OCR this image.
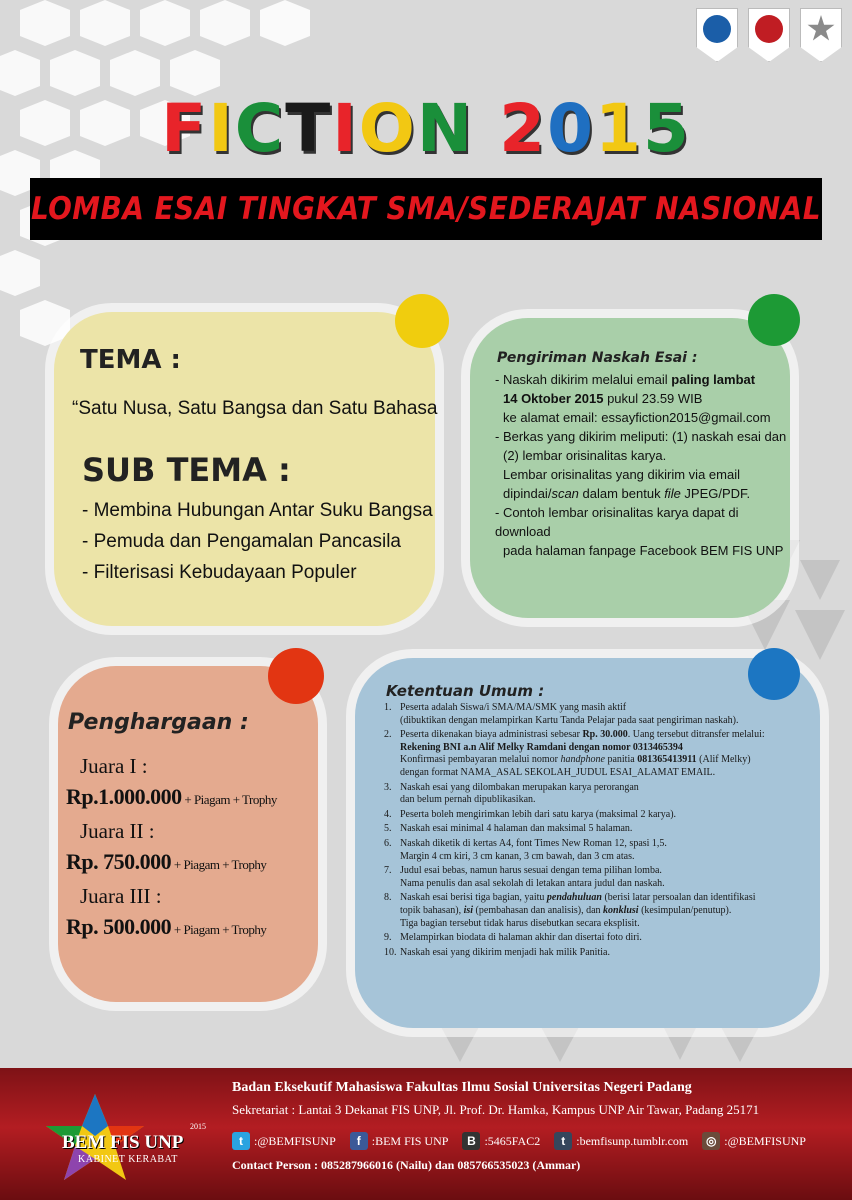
FICTION 2015
LOMBA ESAI TINGKAT SMA/SEDERAJAT NASIONAL
TEMA :
“Satu Nusa, Satu Bangsa dan Satu Bahasa
SUB TEMA :
- Membina Hubungan Antar Suku Bangsa
- Pemuda dan Pengamalan Pancasila
- Filterisasi Kebudayaan Populer
Pengiriman Naskah Esai :

- Naskah dikirim melalui email paling lambat

14 Oktober 2015 pukul 23.59 WIB

ke alamat email: essayfiction2015@gmail.com

- Berkas yang dikirim meliputi: (1) naskah esai dan

(2) lembar orisinalitas karya.

Lembar orisinalitas yang dikirim via email

dipindai/scan dalam bentuk file JPEG/PDF.

- Contoh lembar orisinalitas karya dapat di download

pada halaman fanpage Facebook BEM FIS UNP

Penghargaan :
Juara I :
Rp.1.000.000 + Piagam + Trophy
Juara II :
Rp. 750.000 + Piagam + Trophy
Juara III :
Rp. 500.000 + Piagam + Trophy
Ketentuan Umum :
1. Peserta adalah Siswa/i SMA/MA/SMK yang masih aktif
(dibuktikan dengan melampirkan Kartu Tanda Pelajar pada saat pengiriman naskah).
2. Peserta dikenakan biaya administrasi sebesar Rp. 30.000. Uang tersebut ditransfer melalui:
Rekening BNI a.n Alif Melky Ramdani dengan nomor 0313465394
Konfirmasi pembayaran melalui nomor handphone panitia 081365413911 (Alif Melky)
dengan format NAMA_ASAL SEKOLAH_JUDUL ESAI_ALAMAT EMAIL.
3. Naskah esai yang dilombakan merupakan karya perorangan
dan belum pernah dipublikasikan.
4. Peserta boleh mengirimkan lebih dari satu karya (maksimal 2 karya).
5. Naskah esai minimal 4 halaman dan maksimal 5 halaman.
6. Naskah diketik di kertas A4, font Times New Roman 12, spasi 1,5.
Margin 4 cm kiri, 3 cm kanan, 3 cm bawah, dan 3 cm atas.
7. Judul esai bebas, namun harus sesuai dengan tema pilihan lomba.
Nama penulis dan asal sekolah di letakan antara judul dan naskah.
8. Naskah esai berisi tiga bagian, yaitu pendahuluan (berisi latar persoalan dan identifikasi
topik bahasan), isi (pembahasan dan analisis), dan konklusi (kesimpulan/penutup).
Tiga bagian tersebut tidak harus disebutkan secara eksplisit.
9. Melampirkan biodata di halaman akhir dan disertai foto diri.
10. Naskah esai yang dikirim menjadi hak milik Panitia.
Badan Eksekutif Mahasiswa Fakultas Ilmu Sosial Universitas Negeri Padang
Sekretariat : Lantai 3 Dekanat FIS UNP, Jl. Prof. Dr. Hamka, Kampus UNP Air Tawar, Padang 25171
t :@BEMFISUNP	f :BEM FIS UNP	B :5465FAC2	t :bemfisunp.tumblr.com	◎ :@BEMFISUNP
Contact Person : 085287966016 (Nailu) dan 085766535023 (Ammar)
2015
BEM FIS UNP
KABINET KERABAT
